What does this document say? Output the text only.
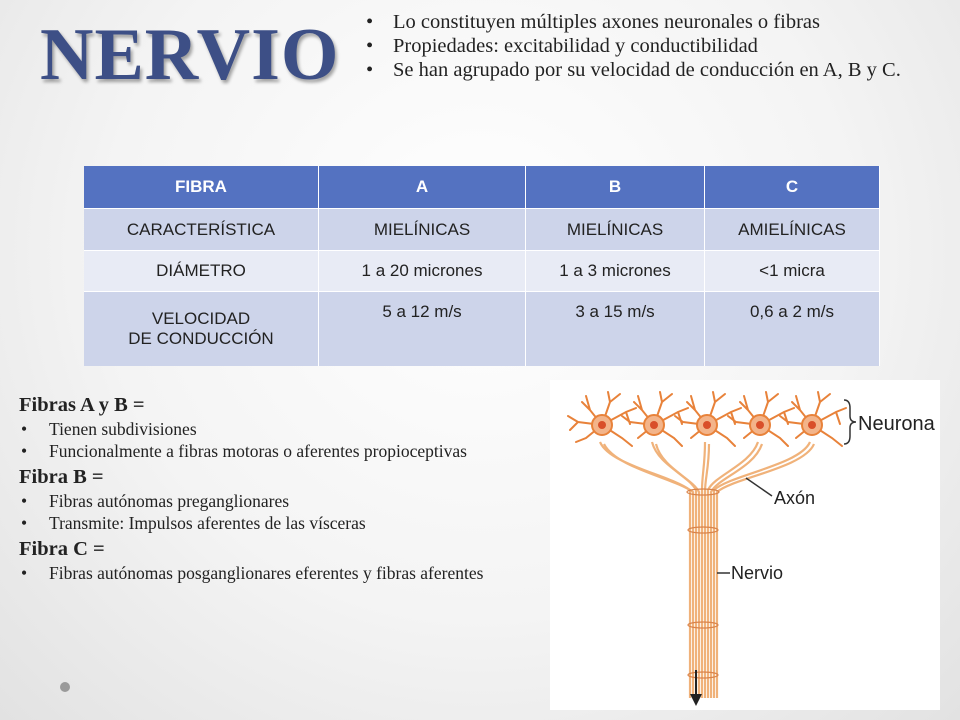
NERVIO	• Lo constituyen múltiples axones neuronales o fibras
• Propiedades: excitabilidad y conductibilidad
• Se han agrupado por su velocidad de conducción en A, B y C.
FIBRA	A	B	C
CARACTERÍSTICA	MIELÍNICAS	MIELÍNICAS	AMIELÍNICAS
DIÁMETRO	1 a 20 micrones	1 a 3 micrones	<1 micra

VELOCIDAD
DE CONDUCCIÓN	5 a 12 m/s	3 a 15 m/s	0,6 a 2 m/s
Fibras A y B =
• Tienen subdivisiones
• Funcionalmente a fibras motoras o aferentes propioceptivas
Fibra B =
• Fibras autónomas preganglionares
• Transmite: Impulsos aferentes de las vísceras
Fibra C =
• Fibras autónomas posganglionares eferentes y fibras aferentes
Neurona
Axón
Nervio
